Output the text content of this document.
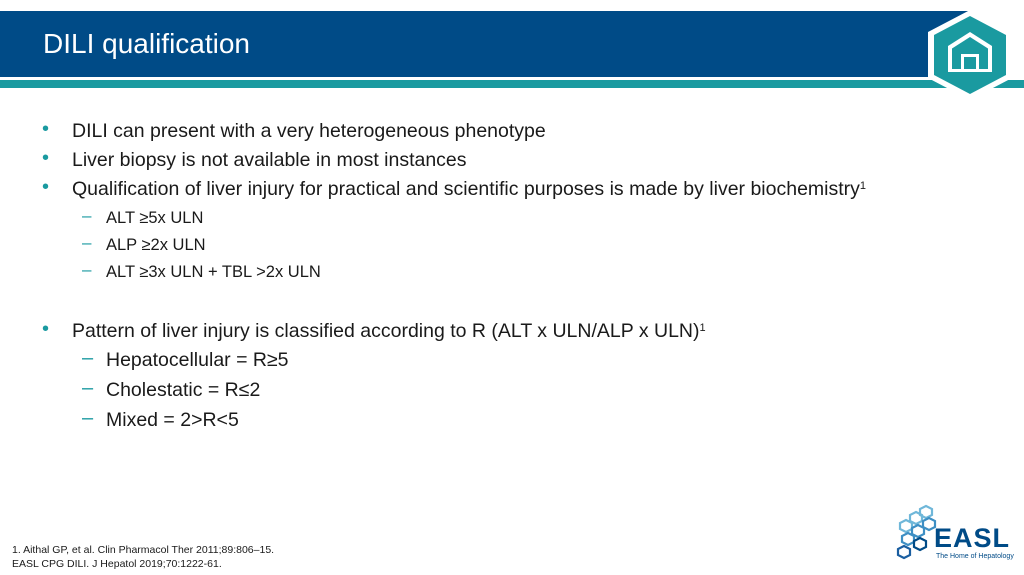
DILI qualification
• DILI can present with a very heterogeneous phenotype
• Liver biopsy is not available in most instances
• Qualification of liver injury for practical and scientific purposes is made by liver biochemistry$^1$
– ALT ≥5x ULN
– ALP ≥2x ULN
– ALT ≥3x ULN + TBL >2x ULN
• Pattern of liver injury is classified according to R (ALT x ULN/ALP x ULN)$^1$
– Hepatocellular = R≥5
– Cholestatic = R≤2
– Mixed = 2>R<5
1. Aithal GP, et al. Clin Pharmacol Ther 2011;89:806–15.
EASL CPG DILI. J Hepatol 2019;70:1222-61.
EASL
The Home of Hepatology
